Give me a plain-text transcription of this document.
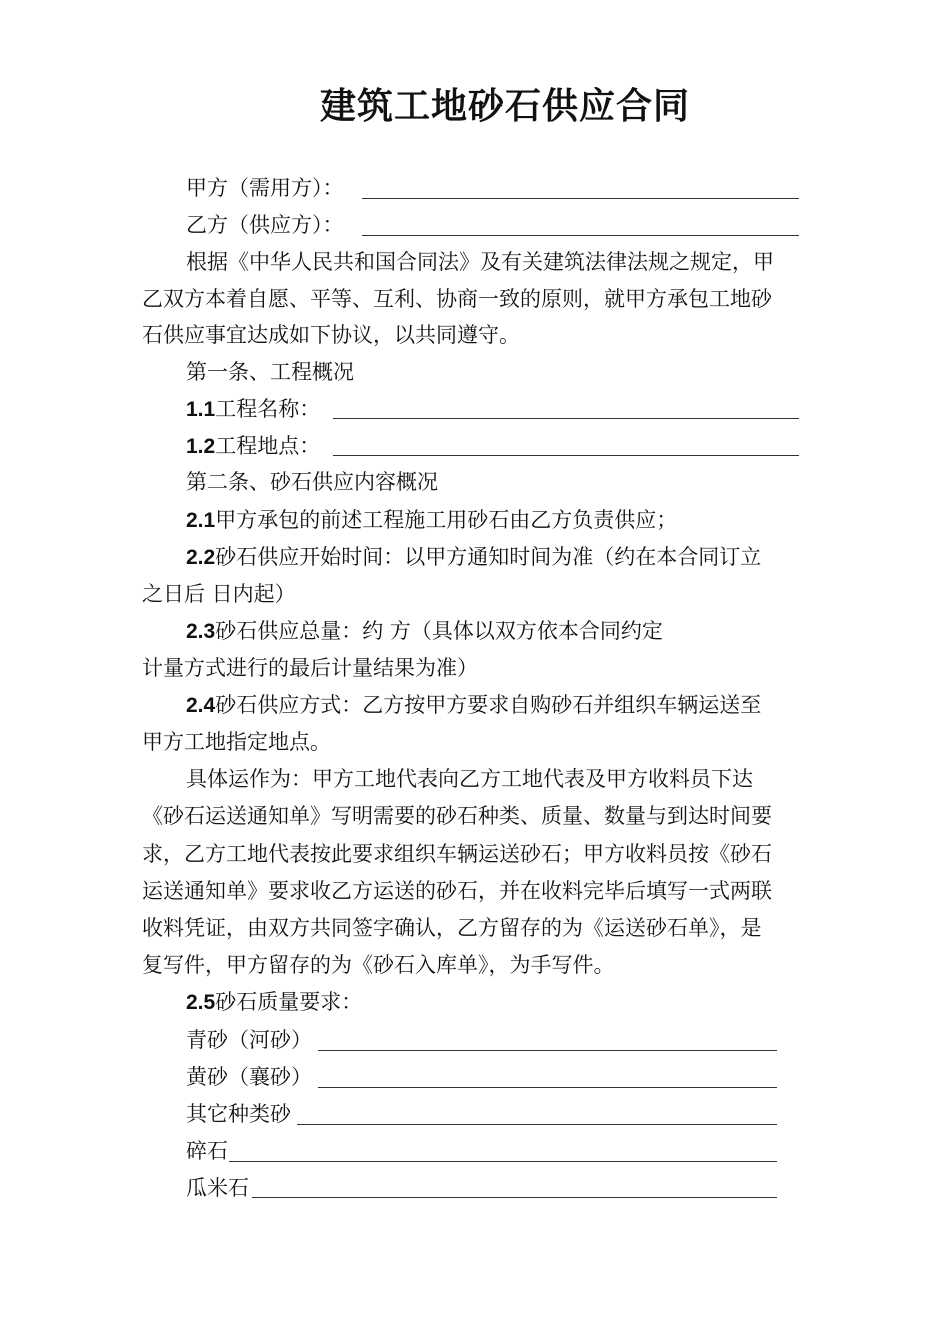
建筑工地砂石供应合同
甲方（需用方）：
乙方（供应方）：
根据《中华人民共和国合同法》及有关建筑法律法规之规定，甲
乙双方本着自愿、平等、互利、协商一致的原则，就甲方承包工地砂
石供应事宜达成如下协议，以共同遵守。
第一条、工程概况
1.1工程名称：
1.2工程地点：
第二条、砂石供应内容概况
2.1甲方承包的前述工程施工用砂石由乙方负责供应；
2.2砂石供应开始时间：以甲方通知时间为准（约在本合同订立
之日后 日内起）
2.3砂石供应总量：约 方（具体以双方依本合同约定
计量方式进行的最后计量结果为准）
2.4砂石供应方式：乙方按甲方要求自购砂石并组织车辆运送至
甲方工地指定地点。
具体运作为：甲方工地代表向乙方工地代表及甲方收料员下达
《砂石运送通知单》写明需要的砂石种类、质量、数量与到达时间要
求，乙方工地代表按此要求组织车辆运送砂石；甲方收料员按《砂石
运送通知单》要求收乙方运送的砂石，并在收料完毕后填写一式两联
收料凭证，由双方共同签字确认，乙方留存的为《运送砂石单》，是
复写件，甲方留存的为《砂石入库单》，为手写件。
2.5砂石质量要求：
青砂（河砂）
黄砂（襄砂）
其它种类砂
碎石
瓜米石
